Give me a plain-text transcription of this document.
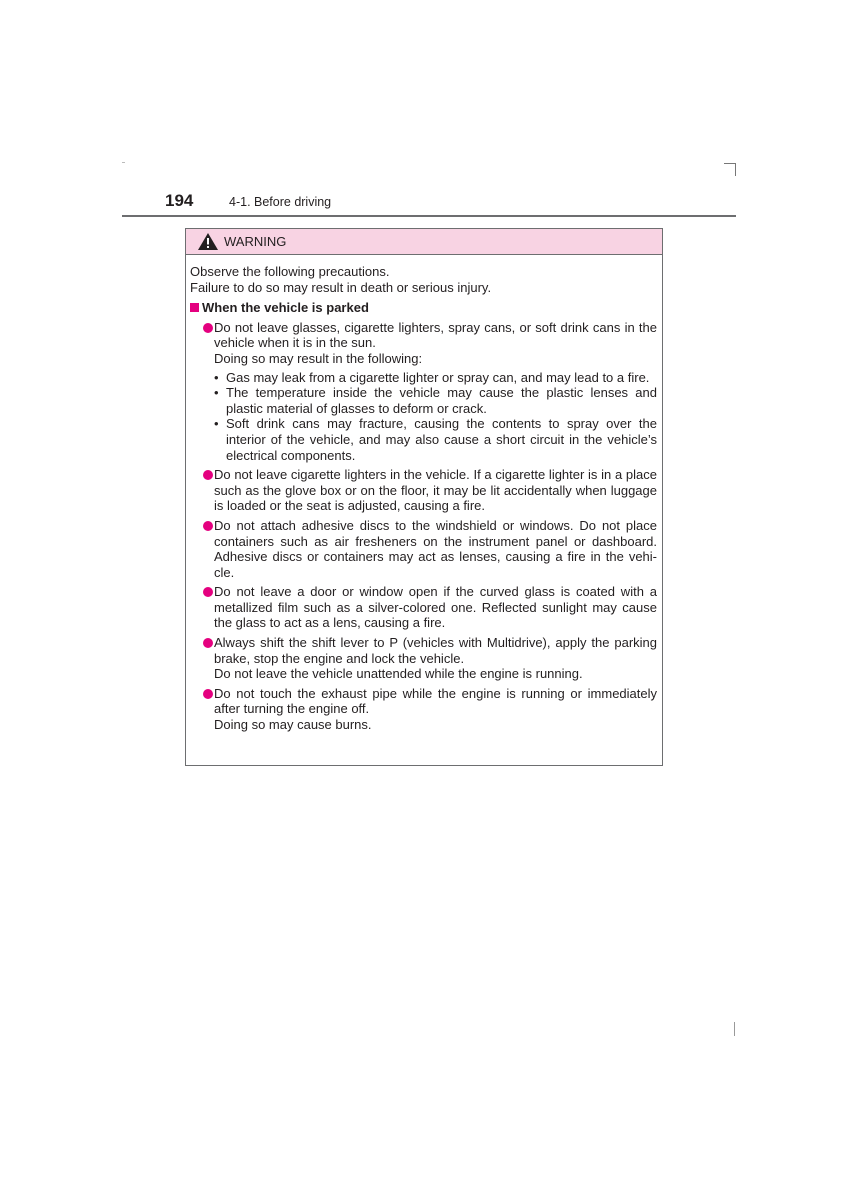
194	4-1. Before driving
WARNING

Observe the following precautions.

Failure to do so may result in death or serious injury.

When the vehicle is parked

Do not leave glasses, cigarette lighters, spray cans, or soft drink cans in the vehicle when it is in the sun.

Doing so may result in the following:

• Gas may leak from a cigarette lighter or spray can, and may lead to a fire.
• The temperature inside the vehicle may cause the plastic lenses and plastic material of glasses to deform or crack.
• Soft drink cans may fracture, causing the contents to spray over the interior of the vehicle, and may also cause a short circuit in the vehicle’s electrical components.

Do not leave cigarette lighters in the vehicle. If a cigarette lighter is in a place such as the glove box or on the floor, it may be lit accidentally when luggage is loaded or the seat is adjusted, causing a fire.

Do not attach adhesive discs to the windshield or windows. Do not place containers such as air fresheners on the instrument panel or dashboard. Adhesive discs or containers may act as lenses, causing a fire in the vehi-cle.

Do not leave a door or window open if the curved glass is coated with a metallized film such as a silver-colored one. Reflected sunlight may cause the glass to act as a lens, causing a fire.

Always shift the shift lever to P (vehicles with Multidrive), apply the parking brake, stop the engine and lock the vehicle.

Do not leave the vehicle unattended while the engine is running.

Do not touch the exhaust pipe while the engine is running or immediately after turning the engine off.

Doing so may cause burns.
